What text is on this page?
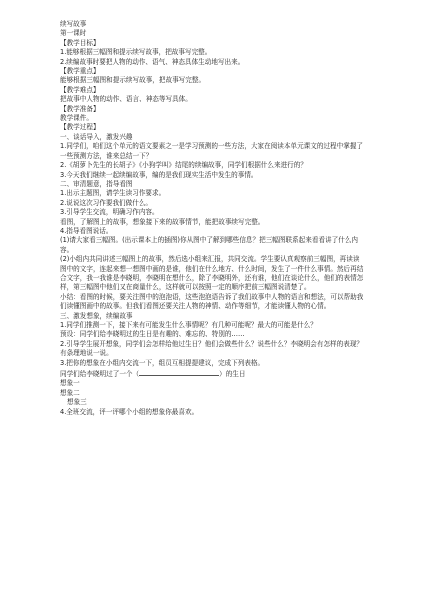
续写故事
第一课时
【教学目标】
1.能够根据三幅图和提示续写故事，把故事写完整。
2.续编故事时要把人物的动作、语气、神态具体生动地写出来。
【教学重点】
能够根据三幅图和提示续写故事，把故事写完整。
【教学难点】
把故事中人物的动作、语言、神态等写具体。
【教学准备】
教学课件。
【教学过程】
一、谈话导入，激发兴趣
1.同学们，咱们这个单元的语文要素之一是学习预测的一些方法，大家在阅读本单元课文的过程中掌握了一些预测方法，谁来总结一下？
2.《胡萝卜先生的长胡子》《小狗学叫》结尾的续编故事，同学们根据什么来进行的？
3.今天我们继续一起续编故事，编的是我们现实生活中发生的事情。
二、审清题意，指导看图
1.出示主题图，请学生读习作要求。
2.说说这次习作要我们做什么。
3.引导学生交流，明确习作内容。
看图，了解图上的故事，想象接下来的故事情节，能把故事续写完整。
4.指导看图说话。
(1)请大家看三幅图。(出示课本上的插图)你从图中了解到哪些信息？把三幅图联系起来看看讲了什么内容。
(2)小组内共同讲述三幅图上的故事，然后选小组来汇报，共同交流。学生要认真观察前三幅图，再读读图中的文字，连起来想一想图中画的是谁，他们在什么地方、什么时间，发生了一件什么事情。然后再结合文字，我一我谁是李晓明，李晓明在想什么，除了李晓明外，还有谁，他们在谈论什么，他们的表情怎样，第三幅图中他们又在商量什么，这样就可以按照一定的顺序把前三幅图说清楚了。
小结：看图的时候，要关注图中的泡泡语，这些泡泡语告诉了我们故事中人物的语言和想法，可以帮助我们读懂图画中的故事。但我们看图还要关注人物的神情、动作等细节，才能读懂人物的心情。
三、激发想象，续编故事
1.同学们推测一下，接下来有可能发生什么事情呢？有几种可能呢？最大的可能是什么？
预设：同学们给李晓明过的生日是有趣的、难忘的、特别的……
2.引导学生展开想象，同学们会怎样给他过生日？他们会做些什么？说些什么？李晓明会有怎样的表现？有条理地说一说。
3.把你的想象在小组内交流一下，组员互相提提建议，完成下列表格。
同学们给李晓明过了一个（	）的生日
想象一
想象二
想象三
4.全班交流，评一评哪个小组的想象你最喜欢。
